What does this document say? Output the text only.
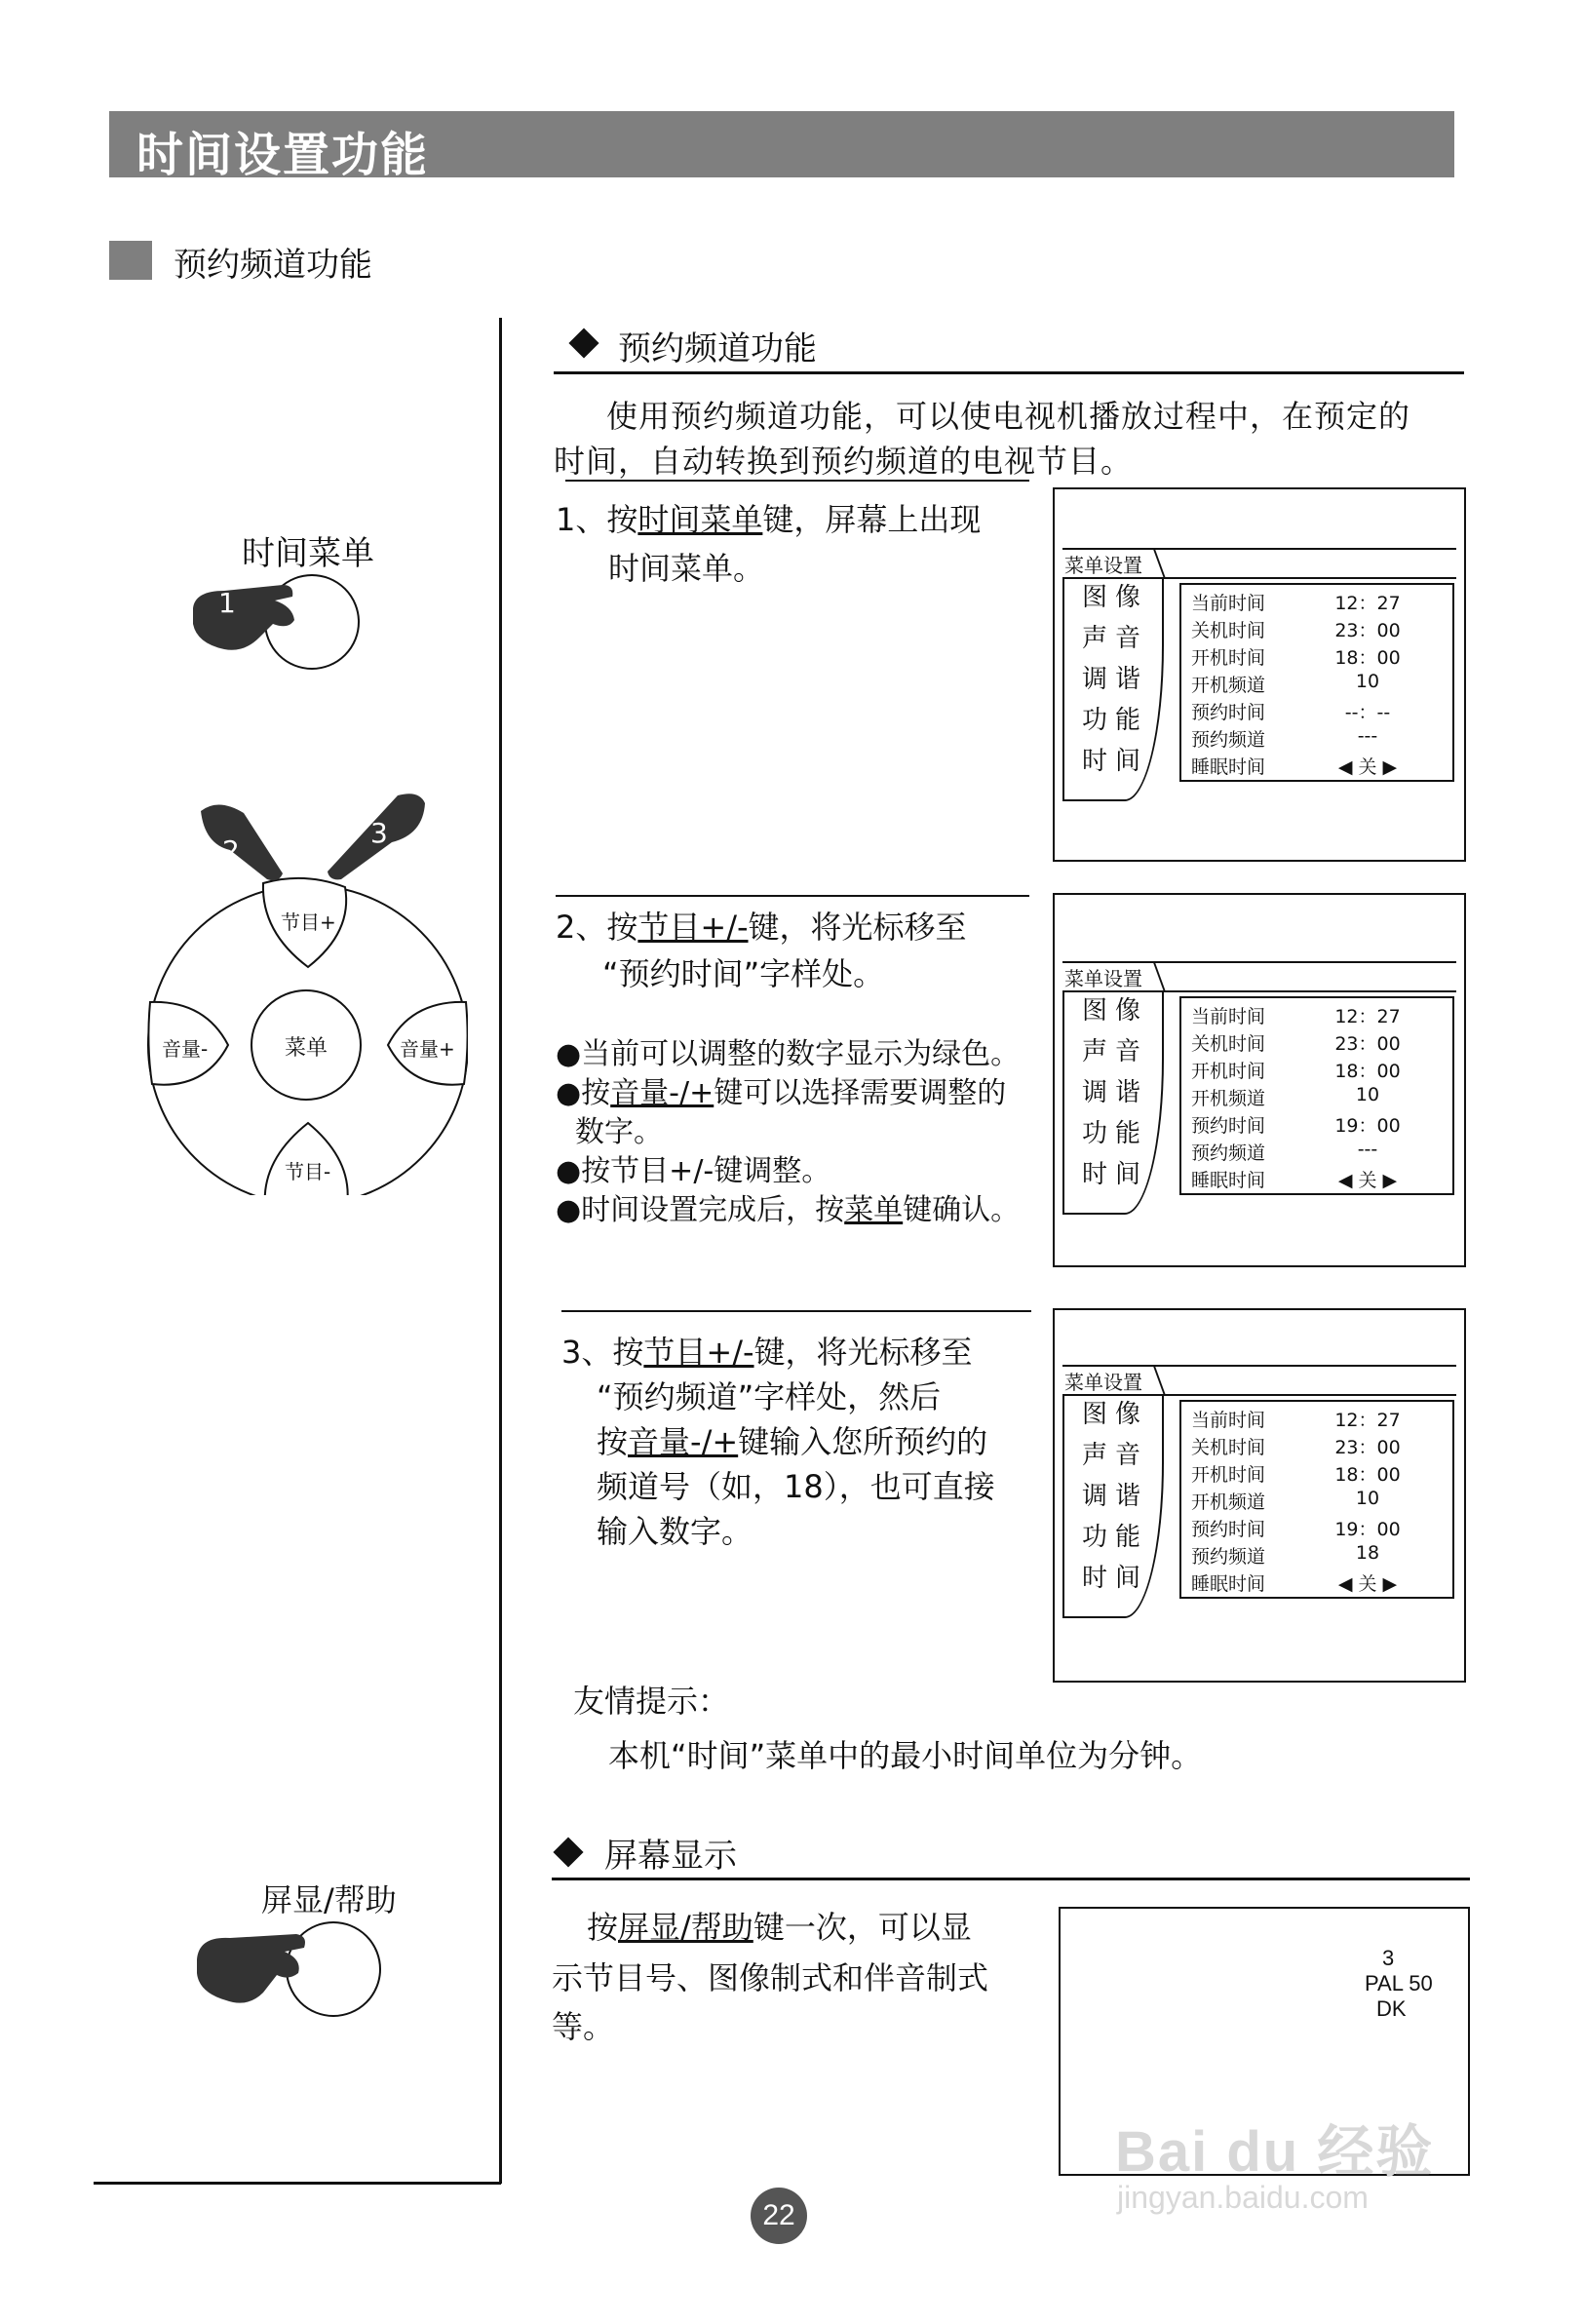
时间设置功能
预约频道功能
预约频道功能
使用预约频道功能，可以使电视机播放过程中，在预定的
时间，自动转换到预约频道的电视节目。
1、按时间菜单键，屏幕上出现
时间菜单。
2、按节目+/-键，将光标移至
“预约时间”字样处。
●当前可以调整的数字显示为绿色。
●按音量-/+键可以选择需要调整的
数字。
●按节目+/-键调整。
●时间设置完成后，按菜单键确认。
3、按节目+/-键，将光标移至
“预约频道”字样处，然后
按音量-/+键输入您所预约的
频道号（如，18），也可直接
输入数字。
菜单设置
图像
声音
调谐
功能
时间
当前时间	12：27
关机时间	23：00
开机时间	18：00
开机频道	10
预约时间	--：--
预约频道	---
睡眠时间	◀ 关 ▶
菜单设置
图像
声音
调谐
功能
时间
当前时间	12：27
关机时间	23：00
开机时间	18：00
开机频道	10
预约时间	19：00
预约频道	---
睡眠时间	◀ 关 ▶
菜单设置
图像
声音
调谐
功能
时间
当前时间	12：27
关机时间	23：00
开机时间	18：00
开机频道	10
预约时间	19：00
预约频道	18
睡眠时间	◀ 关 ▶
友情提示：
本机“时间”菜单中的最小时间单位为分钟。
屏幕显示
按屏显/帮助键一次，可以显
示节目号、图像制式和伴音制式
等。
3
PAL 50
DK
时间菜单
1
2
3
节目+
节目-
音量-	音量+
菜单
屏显/帮助
22
Bai du 经验
jingyan.baidu.com
